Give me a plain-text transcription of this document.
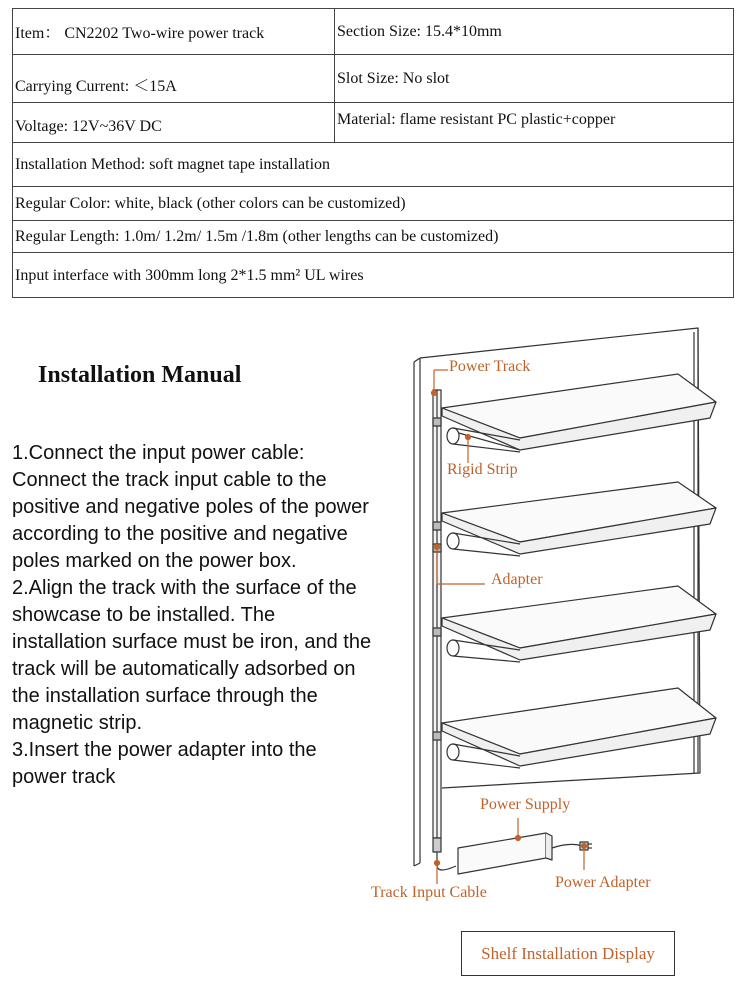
Item： CN2202 Two-wire power track	Section Size: 15.4*10mm
Carrying Current: ＜15A	Slot Size: No slot
Voltage: 12V~36V DC	Material: flame resistant PC plastic+copper
Installation Method: soft magnet tape installation
Regular Color: white, black (other colors can be customized)
Regular Length: 1.0m/ 1.2m/ 1.5m /1.8m (other lengths can be customized)
Input interface with 300mm long 2*1.5 mm² UL wires
Installation Manual

1.Connect the input power cable: Connect the track input cable to the positive and negative poles of the power according to the positive and negative poles marked on the power box.

2.Align the track with the surface of the showcase to be installed. The installation surface must be iron, and the track will be automatically adsorbed on the installation surface through the magnetic strip.

3.Insert the power adapter into the power track

Power Track
Rigid Strip
Adapter
Power Supply
Track Input Cable
Power Adapter
Shelf Installation Display
